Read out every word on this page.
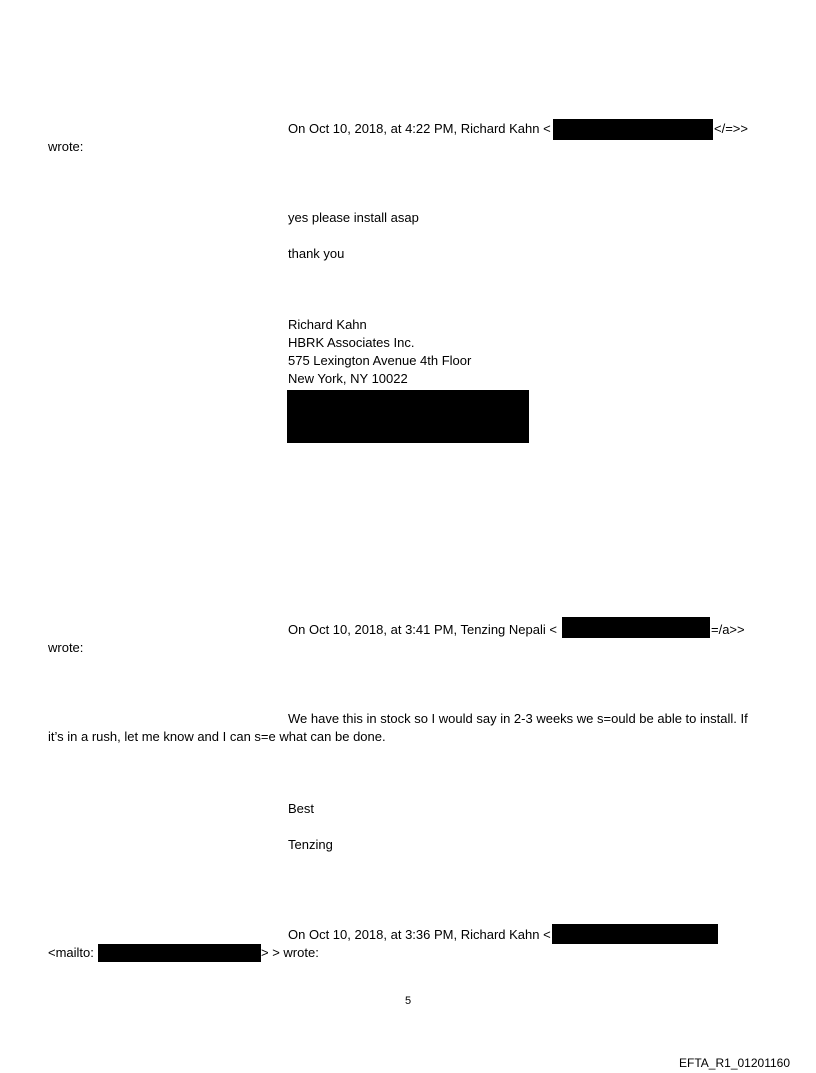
On Oct 10, 2018, at 4:22 PM, Richard Kahn <	</=>>
wrote:
yes please install asap
thank you
Richard Kahn
HBRK Associates Inc.
575 Lexington Avenue 4th Floor
New York, NY 10022
On Oct 10, 2018, at 3:41 PM, Tenzing Nepali <	=/a>>
wrote:
We have this in stock so I would say in 2-3 weeks we s=ould be able to install. If
it’s in a rush, let me know and I can s=e what can be done.
Best
Tenzing
On Oct 10, 2018, at 3:36 PM, Richard Kahn <
<mailto:	> > wrote:
5
EFTA_R1_01201160
